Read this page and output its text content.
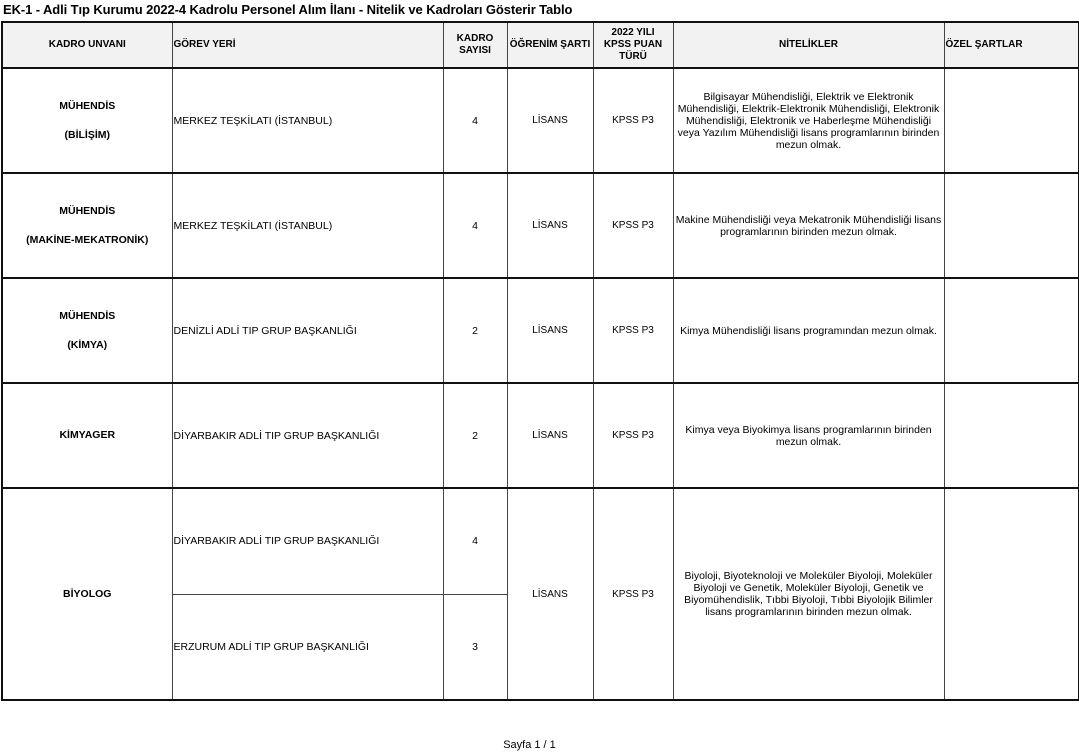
EK-1 - Adli Tıp Kurumu 2022-4 Kadrolu Personel Alım İlanı - Nitelik ve Kadroları Gösterir Tablo
KADRO UNVANI	GÖREV YERİ	KADRO SAYISI	ÖĞRENİM ŞARTI	2022 YILI KPSS PUAN TÜRÜ	NİTELİKLER	ÖZEL ŞARTLAR

MÜHENDİS
(BİLİŞİM)	MERKEZ TEŞKİLATI (İSTANBUL)	4	LİSANS	KPSS P3	Bilgisayar Mühendisliği, Elektrik ve Elektronik Mühendisliği, Elektrik-Elektronik Mühendisliği, Elektronik Mühendisliği, Elektronik ve Haberleşme Mühendisliği veya Yazılım Mühendisliği lisans programlarının birinden mezun olmak.	

MÜHENDİS
(MAKİNE-MEKATRONİK)	MERKEZ TEŞKİLATI (İSTANBUL)	4	LİSANS	KPSS P3	Makine Mühendisliği veya Mekatronik Mühendisliği lisans programlarının birinden mezun olmak.	

MÜHENDİS
(KİMYA)	DENİZLİ ADLİ TIP GRUP BAŞKANLIĞI	2	LİSANS	KPSS P3	Kimya Mühendisliği lisans programından mezun olmak.	

KİMYAGER	DİYARBAKIR ADLİ TIP GRUP BAŞKANLIĞI	2	LİSANS	KPSS P3	Kimya veya Biyokimya lisans programlarının birinden mezun olmak.	

BİYOLOG	DİYARBAKIR ADLİ TIP GRUP BAŞKANLIĞI	4	LİSANS	KPSS P3	Biyoloji, Biyoteknoloji ve Moleküler Biyoloji, Moleküler Biyoloji ve Genetik, Moleküler Biyoloji, Genetik ve Biyomühendislik, Tıbbi Biyoloji, Tıbbi Biyolojik Bilimler lisans programlarının birinden mezun olmak.	
	ERZURUM ADLİ TIP GRUP BAŞKANLIĞI	3				
Sayfa 1 / 1
